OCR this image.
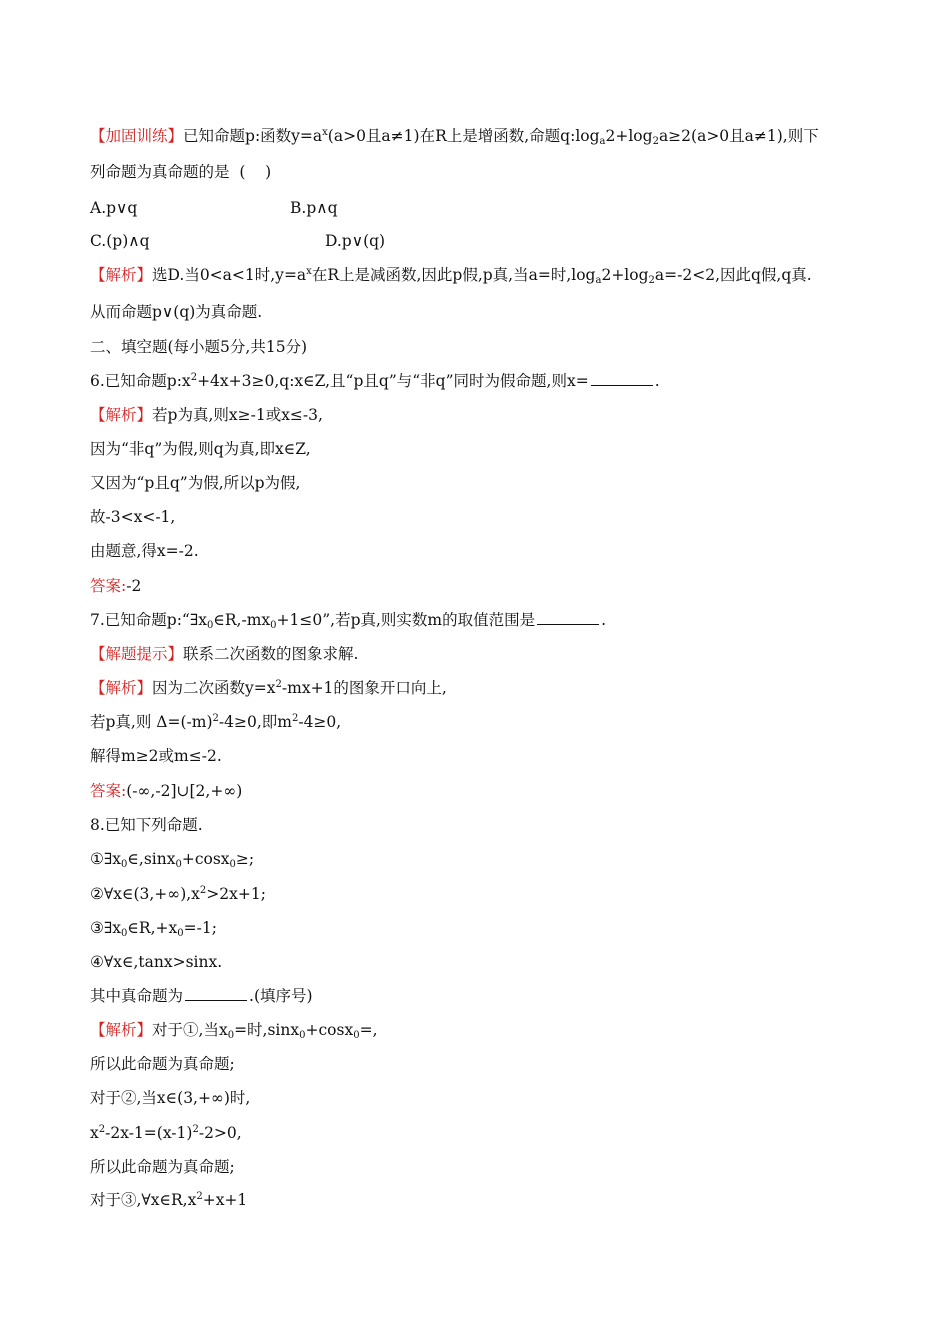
【加固训练】已知命题p:函数$y=a^x(a>0$且a≠1)在R上是增函数,命题$q:\log_a2+\log_2a\ge 2(a>0$且a≠1),则下
列命题为真命题的是  (    )
A.p∨q	B.p∧q
C.(p)∧q	D.p∨(q)
【解析】选D.当0<a<1时$,y=a^x$在R上是减函数,因此p假,p真,当a=时$,\log_a2+\log_2a=-2<2$,因此q假,q真.
从而命题p∨(q)为真命题.
二、填空题(每小题5分,共15分)
6.已知命题$p:x^2+4x+3\ge 0,q:x\in Z$,且“p且q”与“非q”同时为假命题,则x=	.
【解析】若p为真,则x≥-1或x≤-3,
因为“非q”为假,则q为真,即x∈Z,
又因为“p且q”为假,所以p为假,
故-3<x<-1,
由题意,得x=-2.
答案:-2
7.已知命题$p:“\exists x_0\in R,-mx_0+1\le 0$”,若p真,则实数m的取值范围是	.
【解题提示】联系二次函数的图象求解.
【解析】因为二次函数$y=x^2-mx+1$的图象开口向上,
若p真,则 $\Delta=(-m)^2-4\ge 0$,即$m^2-4\ge 0$,
解得m≥2或m≤-2.
答案:(-∞,-2]∪[2,+∞)
8.已知下列命题.
$①\exists x_0\in,\sin x_0+\cos x_0\ge$;
$②\forall x\in(3,+\infty),x^2>2x+1$;
$③\exists x_0\in R,+x_0=-1$;
④∀x∈,tanx>sinx.
其中真命题为	.(填序号)
【解析】对于①,当$x_0=$时,sinx$_0$+cosx$_0$=,
所以此命题为真命题;
对于②,当x∈(3,+∞)时,
$x^2-2x-1=(x-1)^2-2>0$,
所以此命题为真命题;
对于$③,\forall x\in R,x^2+x+1$
